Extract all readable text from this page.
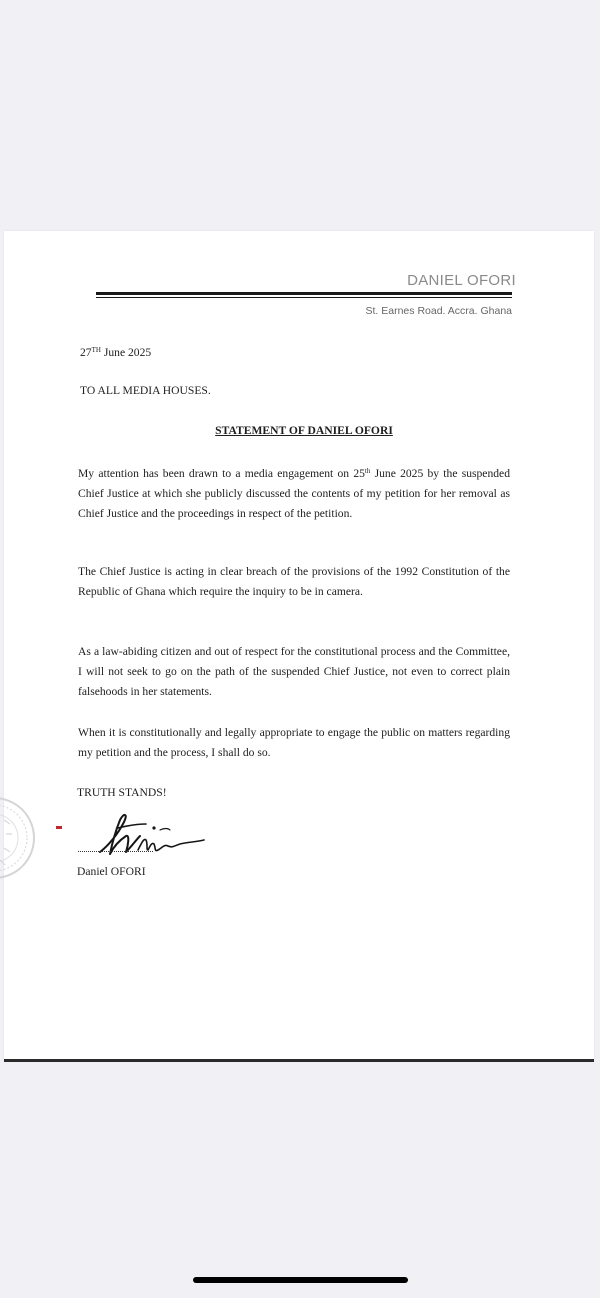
DANIEL OFORI
St. Earnes Road. Accra. Ghana
27TH June 2025
TO ALL MEDIA HOUSES.
STATEMENT OF DANIEL OFORI
My attention has been drawn to a media engagement on 25th June 2025 by the suspended Chief Justice at which she publicly discussed the contents of my petition for her removal as Chief Justice and the proceedings in respect of the petition.
The Chief Justice is acting in clear breach of the provisions of the 1992 Constitution of the Republic of Ghana which require the inquiry to be in camera.
As a law-abiding citizen and out of respect for the constitutional process and the Committee, I will not seek to go on the path of the suspended Chief Justice, not even to correct plain falsehoods in her statements.
When it is constitutionally and legally appropriate to engage the public on matters regarding my petition and the process, I shall do so.
TRUTH STANDS!
Daniel OFORI
